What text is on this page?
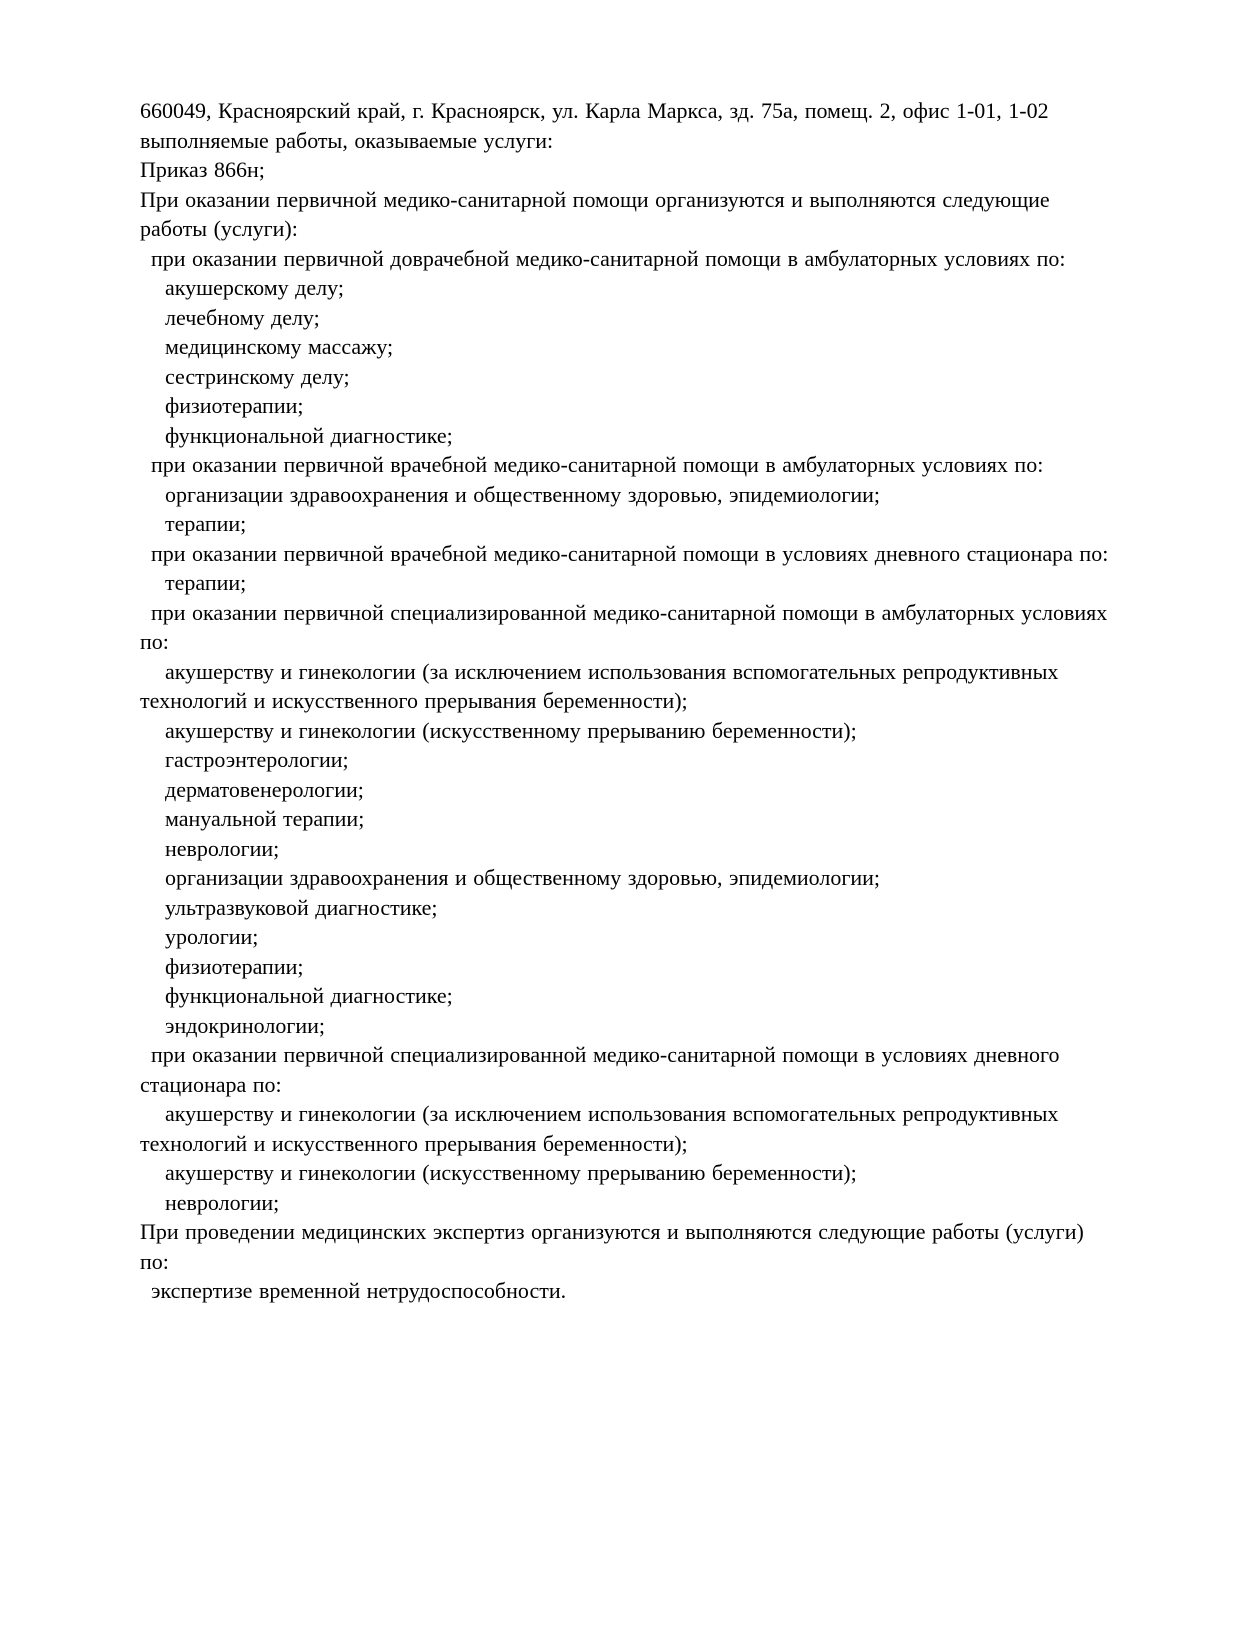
660049, Красноярский край, г. Красноярск, ул. Карла Маркса, зд. 75а, помещ. 2, офис 1-01, 1-02

выполняемые работы, оказываемые услуги:

Приказ 866н;

При оказании первичной медико-санитарной помощи организуются и выполняются следующие работы (услуги):

при оказании первичной доврачебной медико-санитарной помощи в амбулаторных условиях по:

акушерскому делу;

лечебному делу;

медицинскому массажу;

сестринскому делу;

физиотерапии;

функциональной диагностике;

при оказании первичной врачебной медико-санитарной помощи в амбулаторных условиях по:

организации здравоохранения и общественному здоровью, эпидемиологии;

терапии;

при оказании первичной врачебной медико-санитарной помощи в условиях дневного стационара по:

терапии;

при оказании первичной специализированной медико-санитарной помощи в амбулаторных условиях по:

акушерству и гинекологии (за исключением использования вспомогательных репродуктивных технологий и искусственного прерывания беременности);

акушерству и гинекологии (искусственному прерыванию беременности);

гастроэнтерологии;

дерматовенерологии;

мануальной терапии;

неврологии;

организации здравоохранения и общественному здоровью, эпидемиологии;

ультразвуковой диагностике;

урологии;

физиотерапии;

функциональной диагностике;

эндокринологии;

при оказании первичной специализированной медико-санитарной помощи в условиях дневного стационара по:

акушерству и гинекологии (за исключением использования вспомогательных репродуктивных технологий и искусственного прерывания беременности);

акушерству и гинекологии (искусственному прерыванию беременности);

неврологии;

При проведении медицинских экспертиз организуются и выполняются следующие работы (услуги) по:

экспертизе временной нетрудоспособности.
